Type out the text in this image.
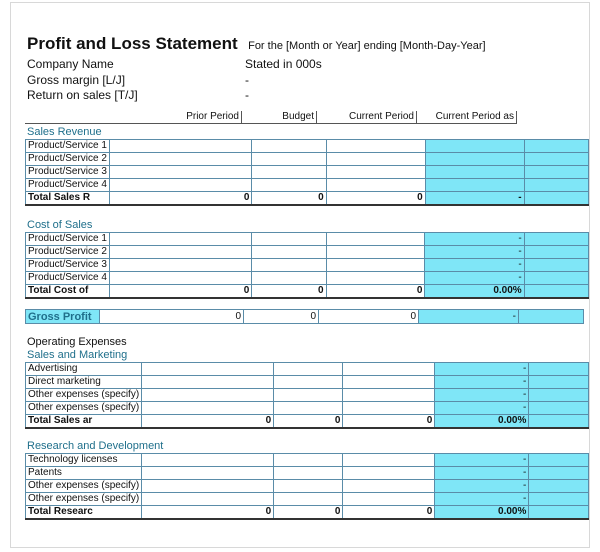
Profit and Loss Statement For the [Month or Year] ending [Month-Day-Year]
Company Name	Stated in 000s
Gross margin [L/J]	-
Return on sales [T/J]	-
	Prior Period	Budget	Current Period	Current Period as
Sales Revenue
Product/Service 1					
Product/Service 2					
Product/Service 3					
Product/Service 4					
Total Sales R	0	0	0	-	
Cost of Sales
Product/Service 1				-	
Product/Service 2				-	
Product/Service 3				-	
Product/Service 4				-	
Total Cost of	0	0	0	0.00%	
Gross Profit	0	0	0	-	
Operating Expenses
Sales and Marketing
Advertising				-	
Direct marketing				-	
Other expenses (specify)				-	
Other expenses (specify)				-	
Total Sales ar	0	0	0	0.00%	
Research and Development
Technology licenses				-	
Patents				-	
Other expenses (specify)				-	
Other expenses (specify)				-	
Total Researc	0	0	0	0.00%	
